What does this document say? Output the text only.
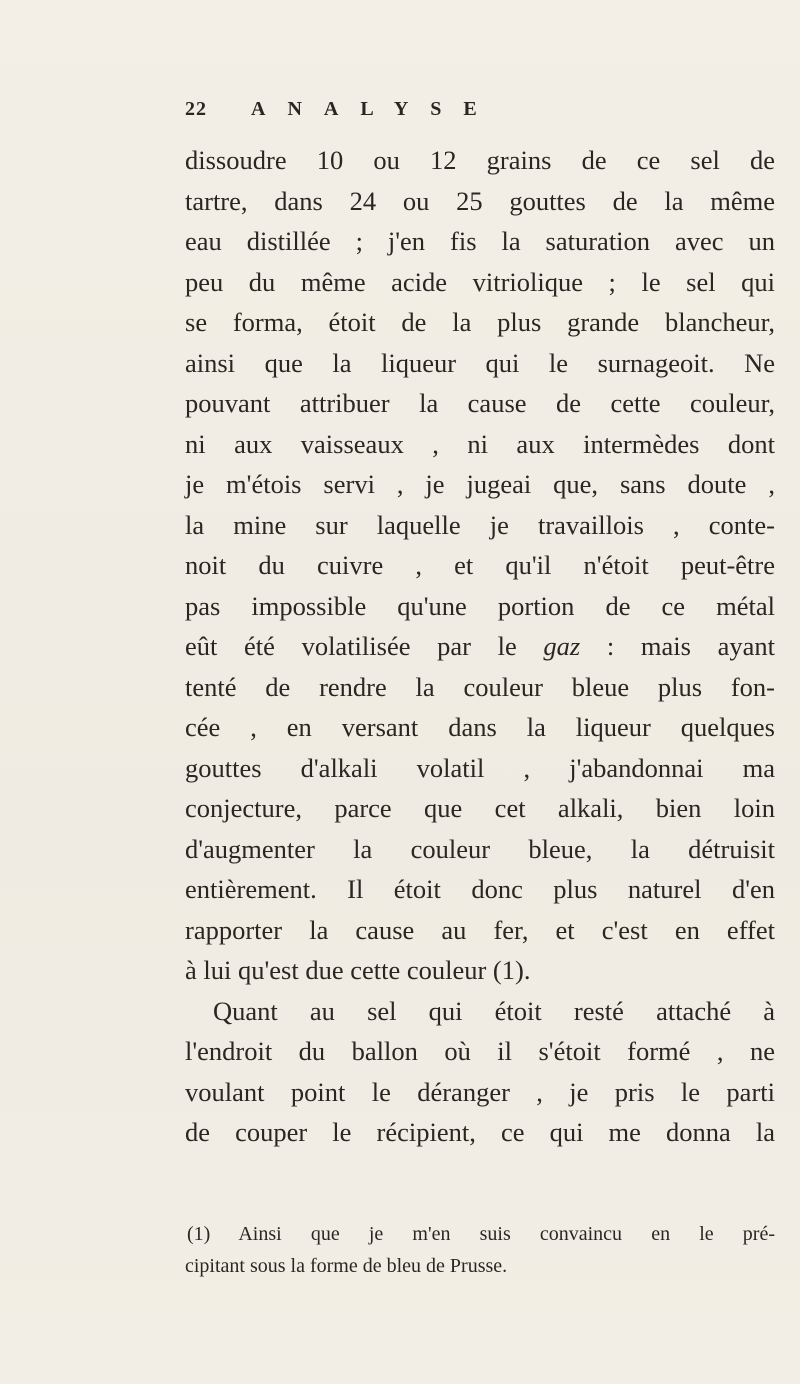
22 ANALYSE
dissoudre 10 ou 12 grains de ce sel de
tartre, dans 24 ou 25 gouttes de la même
eau distillée ; j'en fis la saturation avec un
peu du même acide vitriolique ; le sel qui
se forma, étoit de la plus grande blancheur,
ainsi que la liqueur qui le surnageoit. Ne
pouvant attribuer la cause de cette couleur,
ni aux vaisseaux , ni aux intermèdes dont
je m'étois servi , je jugeai que, sans doute ,
la mine sur laquelle je travaillois , conte-
noit du cuivre , et qu'il n'étoit peut-être
pas impossible qu'une portion de ce métal
eût été volatilisée par le gaz : mais ayant
tenté de rendre la couleur bleue plus fon-
cée , en versant dans la liqueur quelques
gouttes d'alkali volatil , j'abandonnai ma
conjecture, parce que cet alkali, bien loin
d'augmenter la couleur bleue, la détruisit
entièrement. Il étoit donc plus naturel d'en
rapporter la cause au fer, et c'est en effet
à lui qu'est due cette couleur (1).
Quant au sel qui étoit resté attaché à
l'endroit du ballon où il s'étoit formé , ne
voulant point le déranger , je pris le parti
de couper le récipient, ce qui me donna la
(1) Ainsi que je m'en suis convaincu en le pré-
cipitant sous la forme de bleu de Prusse.
